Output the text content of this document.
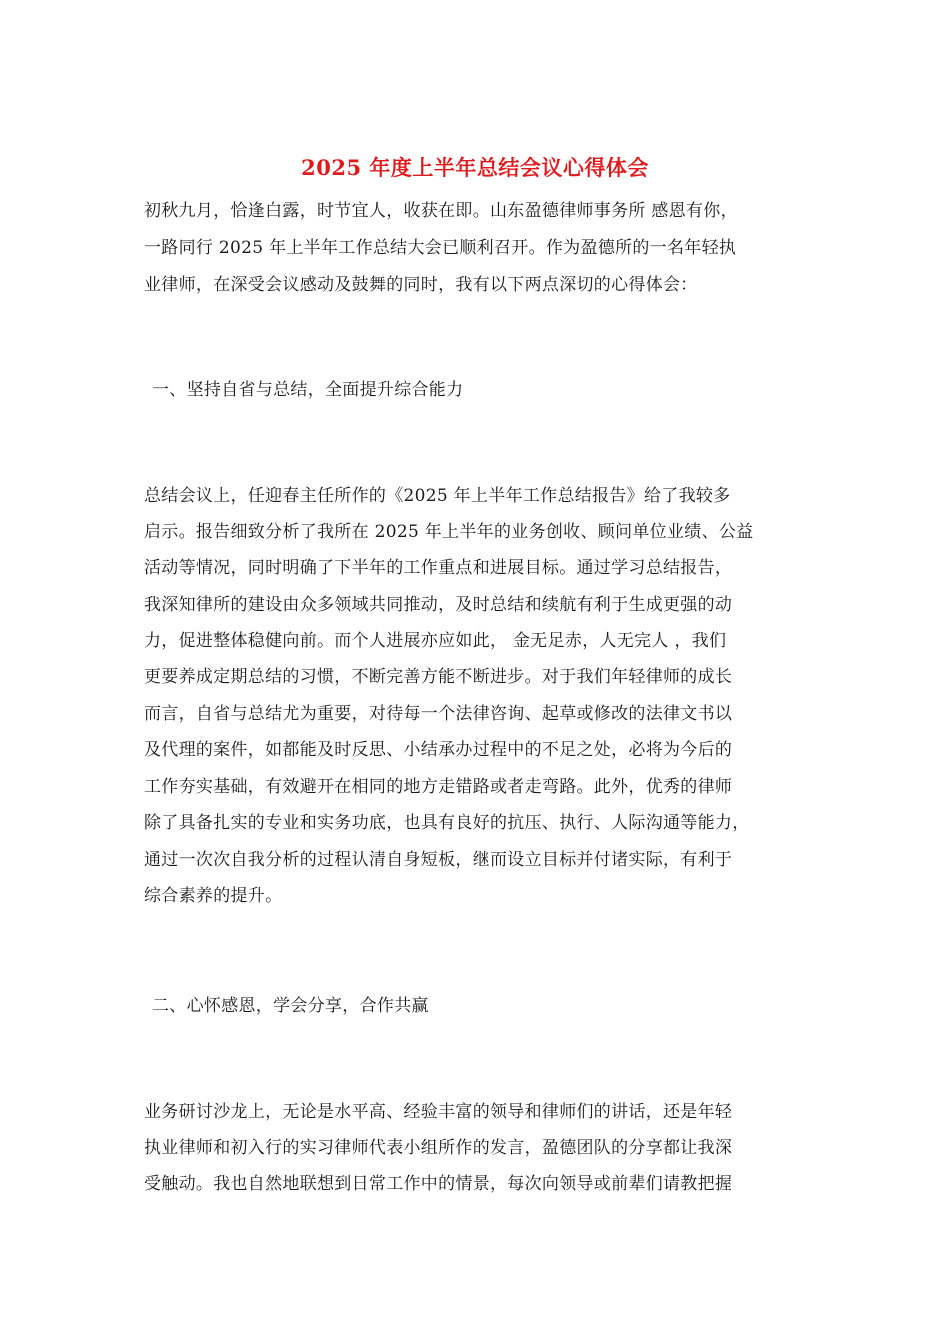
2025 年度上半年总结会议心得体会
初秋九月，恰逢白露，时节宜人，收获在即。山东盈德律师事务所 感恩有你，
一路同行 2025 年上半年工作总结大会已顺利召开。作为盈德所的一名年轻执
业律师，在深受会议感动及鼓舞的同时，我有以下两点深切的心得体会：
一、坚持自省与总结，全面提升综合能力
总结会议上，任迎春主任所作的《2025 年上半年工作总结报告》给了我较多
启示。报告细致分析了我所在 2025 年上半年的业务创收、顾问单位业绩、公益
活动等情况，同时明确了下半年的工作重点和进展目标。通过学习总结报告，
我深知律所的建设由众多领域共同推动，及时总结和续航有利于生成更强的动
力，促进整体稳健向前。而个人进展亦应如此， 金无足赤，人无完人 ，我们
更要养成定期总结的习惯，不断完善方能不断进步。对于我们年轻律师的成长
而言，自省与总结尤为重要，对待每一个法律咨询、起草或修改的法律文书以
及代理的案件，如都能及时反思、小结承办过程中的不足之处，必将为今后的
工作夯实基础，有效避开在相同的地方走错路或者走弯路。此外，优秀的律师
除了具备扎实的专业和实务功底，也具有良好的抗压、执行、人际沟通等能力，
通过一次次自我分析的过程认清自身短板，继而设立目标并付诸实际，有利于
综合素养的提升。
二、心怀感恩，学会分享，合作共赢
业务研讨沙龙上，无论是水平高、经验丰富的领导和律师们的讲话，还是年轻
执业律师和初入行的实习律师代表小组所作的发言，盈德团队的分享都让我深
受触动。我也自然地联想到日常工作中的情景，每次向领导或前辈们请教把握
